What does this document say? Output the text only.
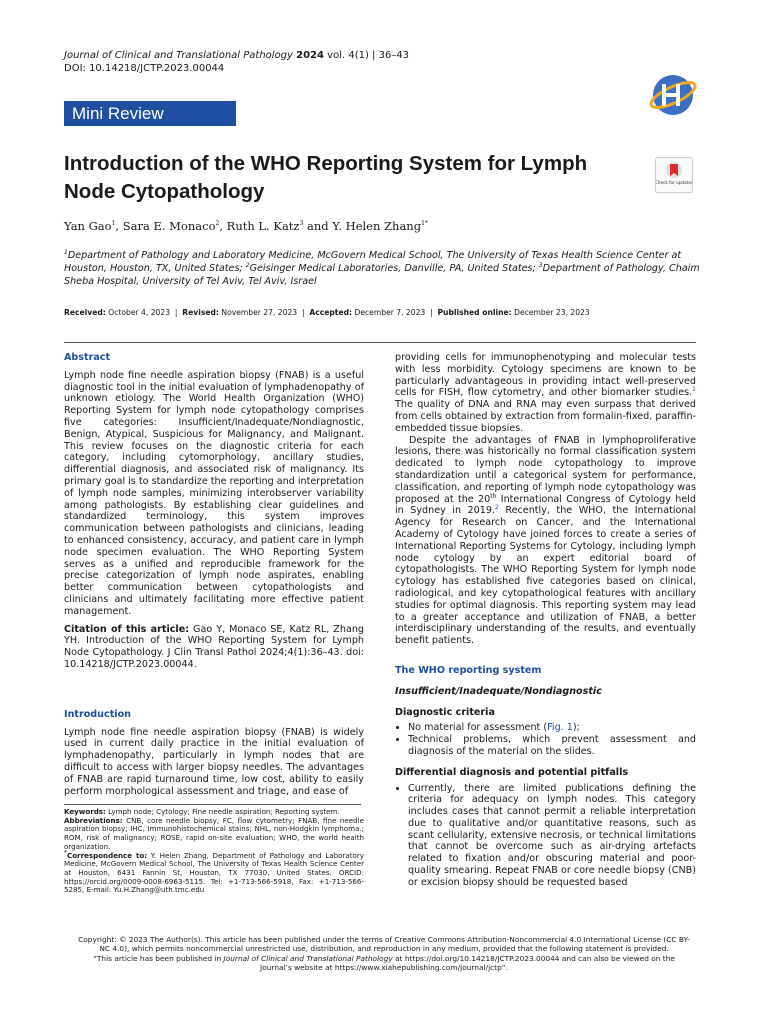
Journal of Clinical and Translational Pathology 2024 vol. 4(1) | 36–43
DOI: 10.14218/JCTP.2023.00044
Mini Review
Introduction of the WHO Reporting System for Lymph Node Cytopathology	Check for updates
Yan Gao$^1$, Sara E. Monaco$^2$, Ruth L. Katz$^3$ and Y. Helen Zhang$^{1*}$
$^1$Department of Pathology and Laboratory Medicine, McGovern Medical School, The University of Texas Health Science Center at Houston, Houston, TX, United States; $^2$Geisinger Medical Laboratories, Danville, PA, United States; $^3$Department of Pathology, Chaim Sheba Hospital, University of Tel Aviv, Tel Aviv, Israel
Received: October 4, 2023  |  Revised: November 27, 2023  |  Accepted: December 7, 2023  |  Published online: December 23, 2023

Abstract

Lymph node fine needle aspiration biopsy (FNAB) is a useful diagnostic tool in the initial evaluation of lymphadenopathy of unknown etiology. The World Health Organization (WHO) Reporting System for lymph node cytopathology comprises five categories: Insufficient/Inadequate/Nondiagnostic, Benign, Atypical, Suspicious for Malignancy, and Malignant. This review focuses on the diagnostic criteria for each category, including cytomorphology, ancillary studies, differential diagnosis, and associated risk of malignancy. Its primary goal is to standardize the reporting and interpretation of lymph node samples, minimizing interobserver variability among pathologists. By establishing clear guidelines and standardized terminology, this system improves communication between pathologists and clinicians, leading to enhanced consistency, accuracy, and patient care in lymph node specimen evaluation. The WHO Reporting System serves as a unified and reproducible framework for the precise categorization of lymph node aspirates, enabling better communication between cytopathologists and clinicians and ultimately facilitating more effective patient management.

Citation of this article: Gao Y, Monaco SE, Katz RL, Zhang YH. Introduction of the WHO Reporting System for Lymph Node Cytopathology. J Clin Transl Pathol 2024;4(1):36–43. doi: 10.14218/JCTP.2023.00044.

Introduction

Lymph node fine needle aspiration biopsy (FNAB) is widely used in current daily practice in the initial evaluation of lymphadenopathy, particularly in lymph nodes that are difficult to access with larger biopsy needles. The advantages of FNAB are rapid turnaround time, low cost, ability to easily perform morphological assessment and triage, and ease of

providing cells for immunophenotyping and molecular tests with less morbidity. Cytology specimens are known to be particularly advantageous in providing intact well-preserved cells for FISH, flow cytometry, and other biomarker studies.$^1$ The quality of DNA and RNA may even surpass that derived from cells obtained by extraction from formalin-fixed, paraffin-embedded tissue biopsies.

Despite the advantages of FNAB in lymphoproliferative lesions, there was historically no formal classification system dedicated to lymph node cytopathology to improve standardization until a categorical system for performance, classification, and reporting of lymph node cytopathology was proposed at the 20th International Congress of Cytology held in Sydney in 2019.$^2$ Recently, the WHO, the International Agency for Research on Cancer, and the International Academy of Cytology have joined forces to create a series of International Reporting Systems for Cytology, including lymph node cytology by an expert editorial board of cytopathologists. The WHO Reporting System for lymph node cytology has established five categories based on clinical, radiological, and key cytopathological features with ancillary studies for optimal diagnosis. This reporting system may lead to a greater acceptance and utilization of FNAB, a better interdisciplinary understanding of the results, and eventually benefit patients.

The WHO reporting system

Insufficient/Inadequate/Nondiagnostic

Diagnostic criteria

• No material for assessment (Fig. 1);
• Technical problems, which prevent assessment and diagnosis of the material on the slides.

Differential diagnosis and potential pitfalls

• Currently, there are limited publications defining the criteria for adequacy on lymph nodes. This category includes cases that cannot permit a reliable interpretation due to qualitative and/or quantitative reasons, such as scant cellularity, extensive necrosis, or technical limitations that cannot be overcome such as air-drying artefacts related to fixation and/or obscuring material and poor-quality smearing. Repeat FNAB or core needle biopsy (CNB) or excision biopsy should be requested based

Keywords: Lymph node; Cytology; Fine needle aspiration; Reporting system.

Abbreviations: CNB, core needle biopsy; FC, flow cytometry; FNAB, fine needle aspiration biopsy; IHC, Immunohistochemical stains; NHL, non-Hodgkin lymphoma.; ROM, risk of malignancy; ROSE, rapid on-site evaluation; WHO, the world health organization.

*Correspondence to: Y. Helen Zhang, Department of Pathology and Laboratory Medicine, McGovern Medical School, The University of Texas Health Science Center at Houston, 6431 Fannin St, Houston, TX 77030, United States. ORCID: https://orcid.org/0009-0008-6963-5115. Tel: +1-713-566-5918, Fax: +1-713-566-5285, E-mail: Yu.H.Zhang@uth.tmc.edu

Copyright: © 2023 The Author(s). This article has been published under the terms of Creative Commons Attribution-Noncommercial 4.0 International License (CC BY-NC 4.0), which permits noncommercial unrestricted use, distribution, and reproduction in any medium, provided that the following statement is provided.
“This article has been published in Journal of Clinical and Translational Pathology at https://doi.org/10.14218/JCTP.2023.00044 and can also be viewed on the Journal’s website at https://www.xiahepublishing.com/journal/jctp”.
